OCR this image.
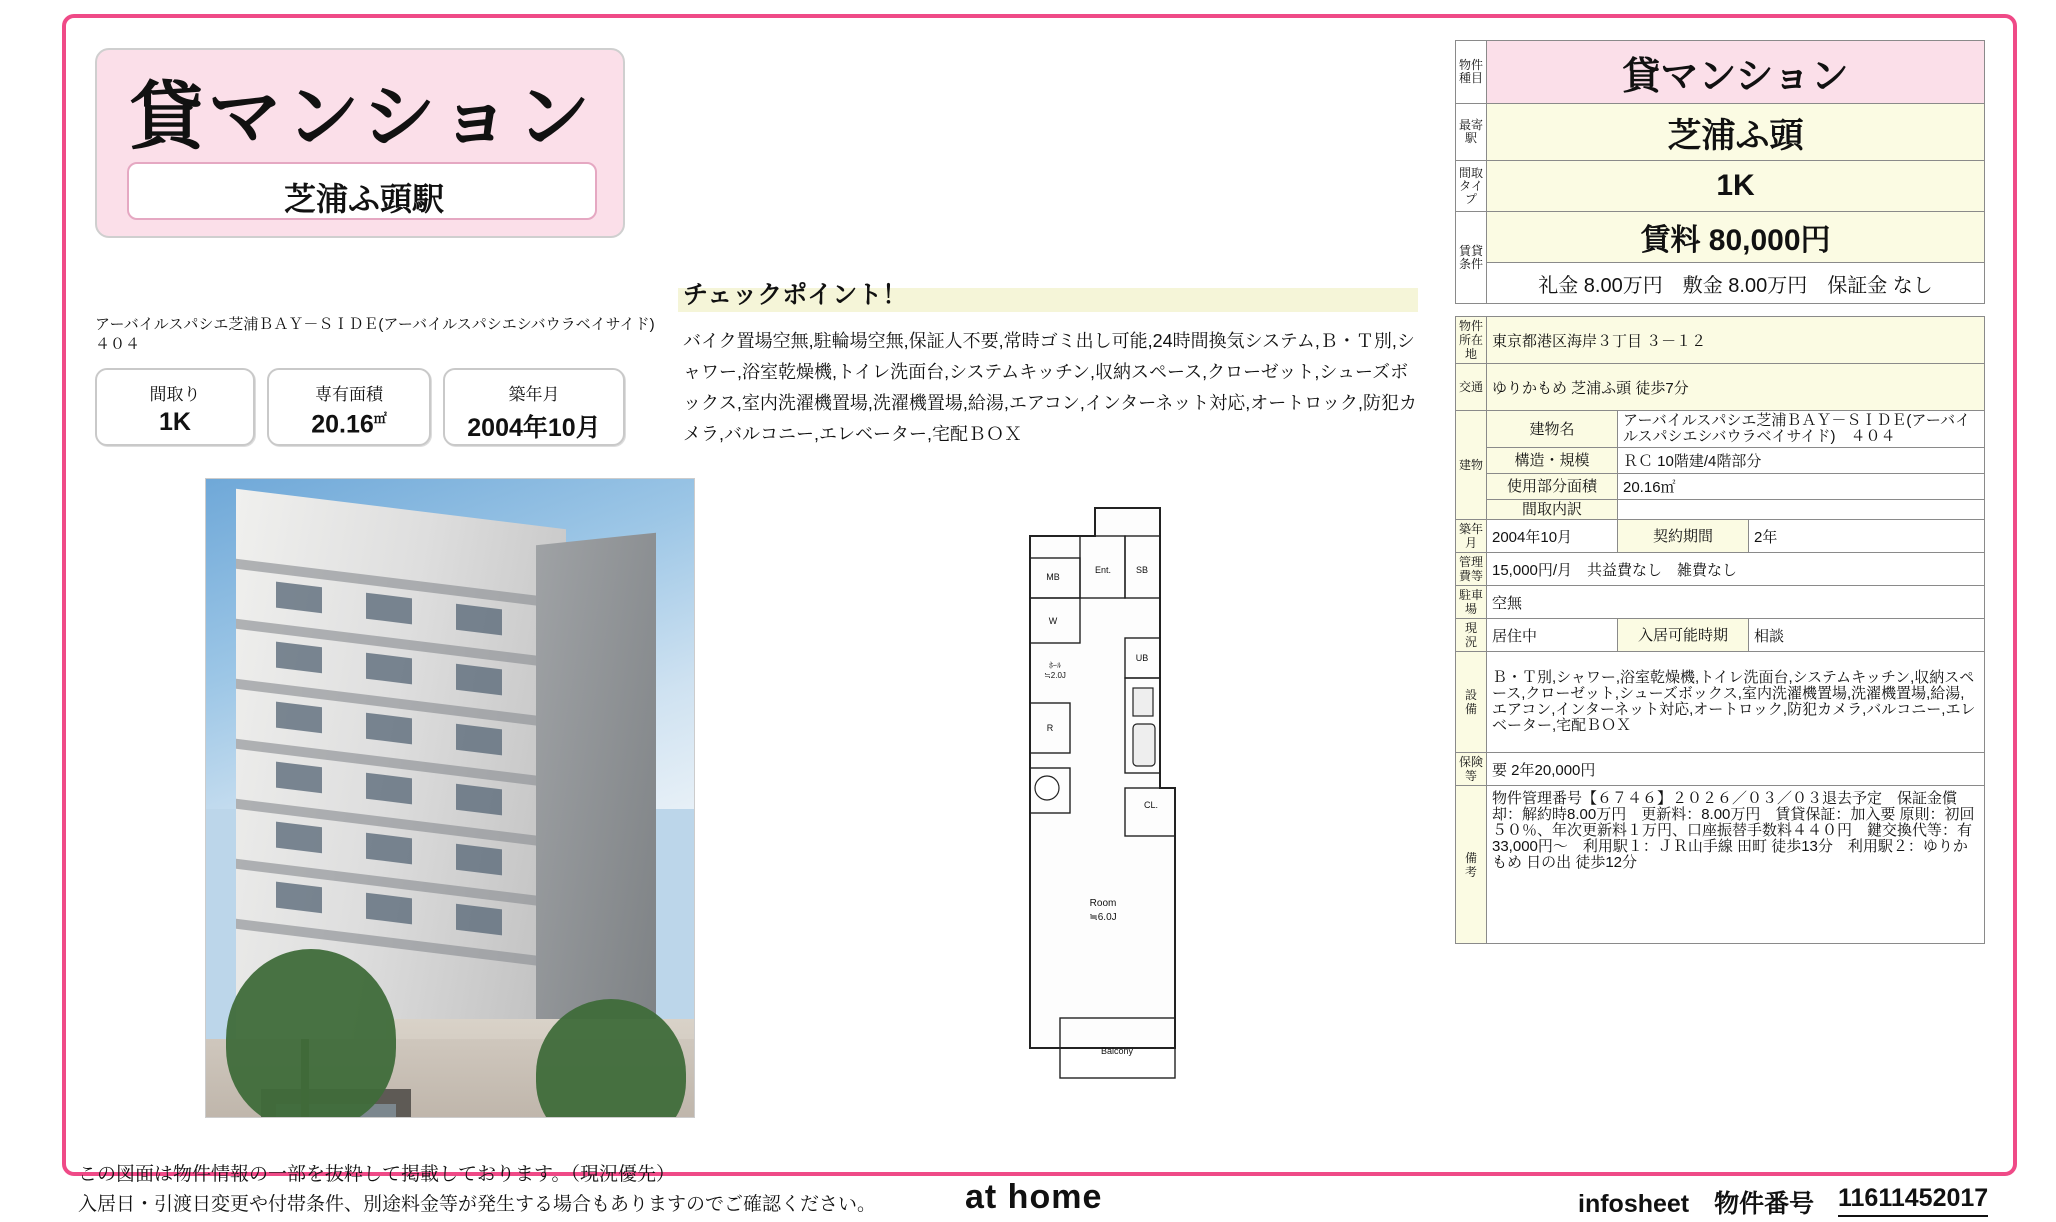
貸マンション
芝浦ふ頭駅
アーバイルスパシエ芝浦ＢＡＹ－ＳＩＤＥ(アーバイルスパシエシバウラベイサイド)　４０４
間取り
1K
専有面積
20.16㎡
築年月
2004年10月
チェックポイント！
バイク置場空無,駐輪場空無,保証人不要,常時ゴミ出し可能,24時間換気システム,Ｂ・Ｔ別,シャワー,浴室乾燥機,トイレ洗面台,システムキッチン,収納スペース,クローゼット,シューズボックス,室内洗濯機置場,洗濯機置場,給湯,エアコン,インターネット対応,オートロック,防犯カメラ,バルコニー,エレベーター,宅配ＢＯＸ
MB
Ent.	SB
W
UB
R
CL.
ﾎｰﾙ
≒2.0J
Room
≒6.0J
Balcony
物件種目	貸マンション
最寄駅	芝浦ふ頭
間取タイプ	1K
賃貸条件	賃料 80,000円
	礼金 8.00万円　敷金 8.00万円　保証金 なし
物件所在地	東京都港区海岸３丁目 ３－１２		
交通	ゆりかもめ 芝浦ふ頭 徒歩7分		
建物	建物名	アーバイルスパシエ芝浦ＢＡＹ－ＳＩＤＥ(アーバイルスパシエシバウラベイサイド)　４０４	
	構造・規模	ＲＣ 10階建/4階部分	
	使用部分面積	20.16㎡	
	間取内訳		
築年月	2004年10月	契約期間	2年
管理費等	15,000円/月　共益費なし　雑費なし		
駐車場	空無		
現　況	居住中	入居可能時期	相談
設　備	Ｂ・Ｔ別,シャワー,浴室乾燥機,トイレ洗面台,システムキッチン,収納スペース,クローゼット,シューズボックス,室内洗濯機置場,洗濯機置場,給湯,エアコン,インターネット対応,オートロック,防犯カメラ,バルコニー,エレベーター,宅配ＢＯＸ		
保険等	要 2年20,000円		
備　考	物件管理番号【６７４６】２０２６／０３／０３退去予定　保証金償却：解約時8.00万円　更新料：8.00万円　賃貸保証：加入要 原則：初回５０％、年次更新料１万円、口座振替手数料４４０円　鍵交換代等：有　33,000円〜　利用駅１：ＪＲ山手線 田町 徒歩13分　利用駅２：ゆりかもめ 日の出 徒歩12分		
この図面は物件情報の一部を抜粋して掲載しております。（現況優先）
入居日・引渡日変更や付帯条件、別途料金等が発生する場合もありますのでご確認ください。	at home	infosheet　物件番号 11611452017
